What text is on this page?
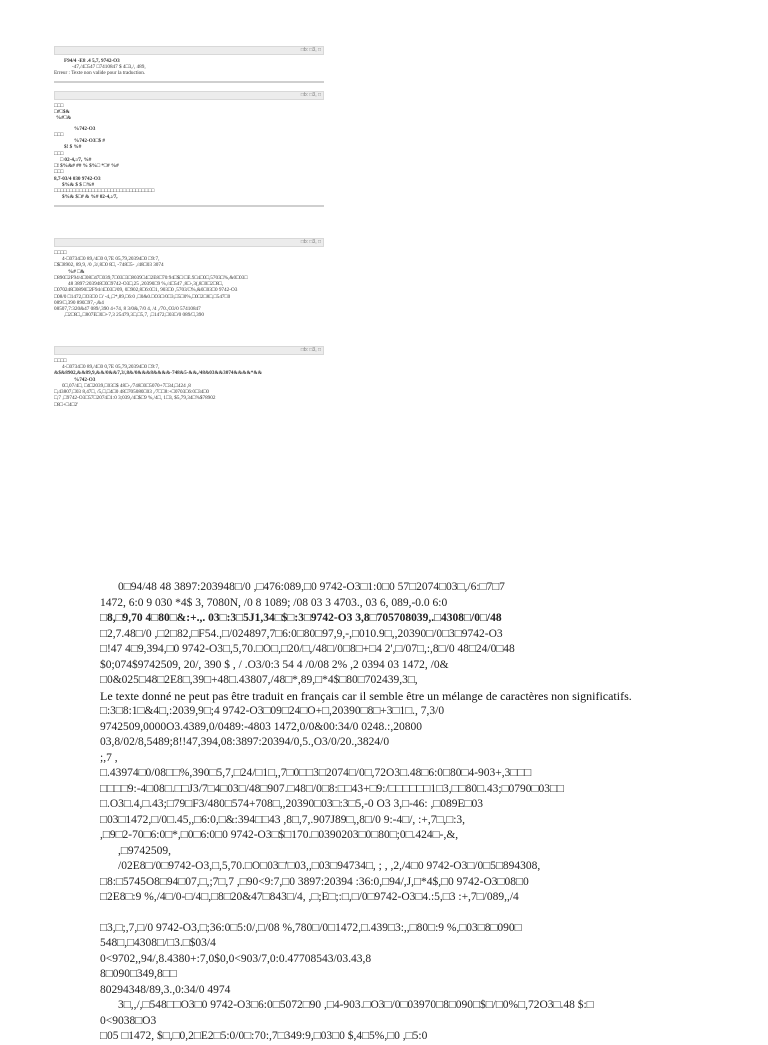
□b: □3, □
F94/4 -E8 .4 5,7, 9742-O3
-47,/4□547 □7410847 $ 4□3,/, 489,
Erreur : Texte non valide pour la traduction.
□b: □3, □
□□□
□#□$&
%#□&
%742-O3
□□□
%742-O3□$ #
$! $ %#
□□□
□ 02-4,:/7, %#
□! $%&# ## % $%□ *□# %#
□□□
8,7-03/4 030 9742-O3
$%& $ $ □%#
□□□□□□□□□□□□□□□□□□□□□□□□□□□□□□□□
$%& $□# & %# 02-4,:/7,
□b: □3, □
□□□□
4-□0734□0 89,/4□0 0,7E 05,79,20394□0 □9:7,
□$□8902, 89,9, /0 ,3/,8□0 8□, -748□5- ,/48□03 3074
%# □&
□890□2F94/4□08□47□039,7□03□3□8039□4□2E8□70:94□$□/□E.9□4□0□,5703□%,&0□03□
48 3897:203948□0□9742-O3□,25 ,20390□9 %,/4□547 ,8□-,3(,8□0□2□8□,
□070248□0890□2F94/4□03□/09, 0□902,8□6:0□1, 903□0 ,5703/□%,&0□03□0 9742-O3
□08/0 □1472,□O3□0 □/ -4,,□*,89,□6:0 ,□0&0.□O3□/0□3,□5□0%,□0□2□8□,□547□0
089/□,390 890□97,-,&4
08507,7:320&47 089/,390 4+74, 8 3/0&,7/0 4, /4 ,/70.,O3/0 57410847
,□2□8□,,□807E□0□+7,3 25479,3□,□5,7, ,□1472,□03□/0 089/□,390
□b: □3, □
□□□□
4-□0734□0 89,/4□0 0,7E 05,79,20394□0 □9:7,
&$&8902,&&89,9,&&/0&&7,3/,8&/0&&&8&&&&-748&5-&&,/48&03&&3074&&&&*&&
%742-O3
0□,07/4□, □4□2039,□03□$ 48□-,/748□0□5070+7□34,□424 ,8
□,43807,□03 8,47□, /5,□,□4□0 48□705080□03 ,/7□□8:+□0703□6:0□34□0
□,7 ,□9742-O3□57□2074□1:0 3;039,/4□$□9 %,/4□, 1□3, $5,79,34□%$78902
□8□+□4□2'
0□94/48 48 3897:203948□/0 ,□476:089,□0 9742-O3□1:0□0 57□2074□03□,/6:□7□7
1472, 6:0 9 030 *4$ 3, 7080N, /0 8 1089; /08 03 3 4703., 03 6, 089,-0.0 6:0
□8,□9,70 4□80□&:+.,. 03□:3□5J1,34□$□:3□9742-O3 3,8□705708039,.□4308□/0□/48
□2,7.48□/0 ,□2□82,□F54.,□/024897,7□6:0□80□97,9,-,□010.9□,,20390□/0□3□9742-O3
□!47 4□9,394,□0 9742-O3□,5,70.□O□,□20/□,/48□/0□8□+□4 2',□/07□,:,8□/0 48□24/0□48
$0;074$9742509, 20/, 390 $ , / .O3/0:3 54 4 /0/08 2% ,2 0394 03 1472, /0&
□0&025□48□2E8□,39□+48□.43807,/48□*,89,□*4$□80□702439,3□,
Le texte donné ne peut pas être traduit en français car il semble être un mélange de caractères non significatifs.
□:3□8:1□&4□,:2039,9□;4 9742-O3□09□24□O+□,20390□8□+3□1□., 7,3/0
9742509,0000O3.4389,0/0489:-4803 1472,0/0&00:34/0 0248.:,20800
03,8/02/8,5489;8!!47,394,08:3897:20394/0,5.,O3/0/20.,3824/0
;,7 ,
□.43974□0/08□□%,390□5,7,□24/□1□,,7□0□□3□2074□/0□,72O3□.48□6:0□80□4-903+,3□□□
□□□□9:-4□08□.□□J3/7□4□03□/48□907.□48□/0□8:□□43+□9:/□□□□□□1□3,□□80□.43;□0790□03□□
□.O3□.4,□.43;□79□F3/480□574+708□,,20390□03□:3□5,-0 O3 3,□-46: ,□089E□03
□03□1472,□/0□.45,,□6:0,□&:394□□43 ,8□,7,.907J89□,,8□/0 9:-4□/, :+,7□,□:3,
,□9□2-70□6:0□*,□0□6:0□0 9742-O3□$□170.□0390203□0□80□;0□.424□-,&,
,□9742509,
/02E8□/0□9742-O3,□,5,70.□O□03□'□03,,□03□94734□, ; , ,2,/4□0 9742-O3□/0□5□894308,
□8:□5745O8□94□07,□,;7□,7 ,□90<9:7,□0 3897:20394 :36:0,□94/,J,□*4$,□0 9742-O3□08□0
□2E8□:9 %,/4□/0-□/4□,□8□20&47□843□/4, ,□;E□;:□,□/0□9742-O3□4.:5,□3 :+,7□/089,,/4
□3,□;,7,□/0 9742-O3,□;36:0□5:0/,□/08 %,780□/0□1472,□.439□3:,,□80□:9 %,□03□8□090□
548□,□4308□/□3.□$03/4
0<9702,,94/,8.4380+:7,0$0,0<903/7,0:0.47708543/03.43,8
8□090□349,8□□
80294348/89,3.,0:34/0 4974
3□,,/,□548□□O3□0 9742-O3□6:0□5072□90 ,□4-903.□O3□/0□03970□8□090□$□/□0%□,72O3□.48 $:□
0<9038□O3
□05 □1472, $□,□0,2□E2□5:0/0□:70:,7□349:9,□03□0 $,4□5%,□0 ,□5:0
